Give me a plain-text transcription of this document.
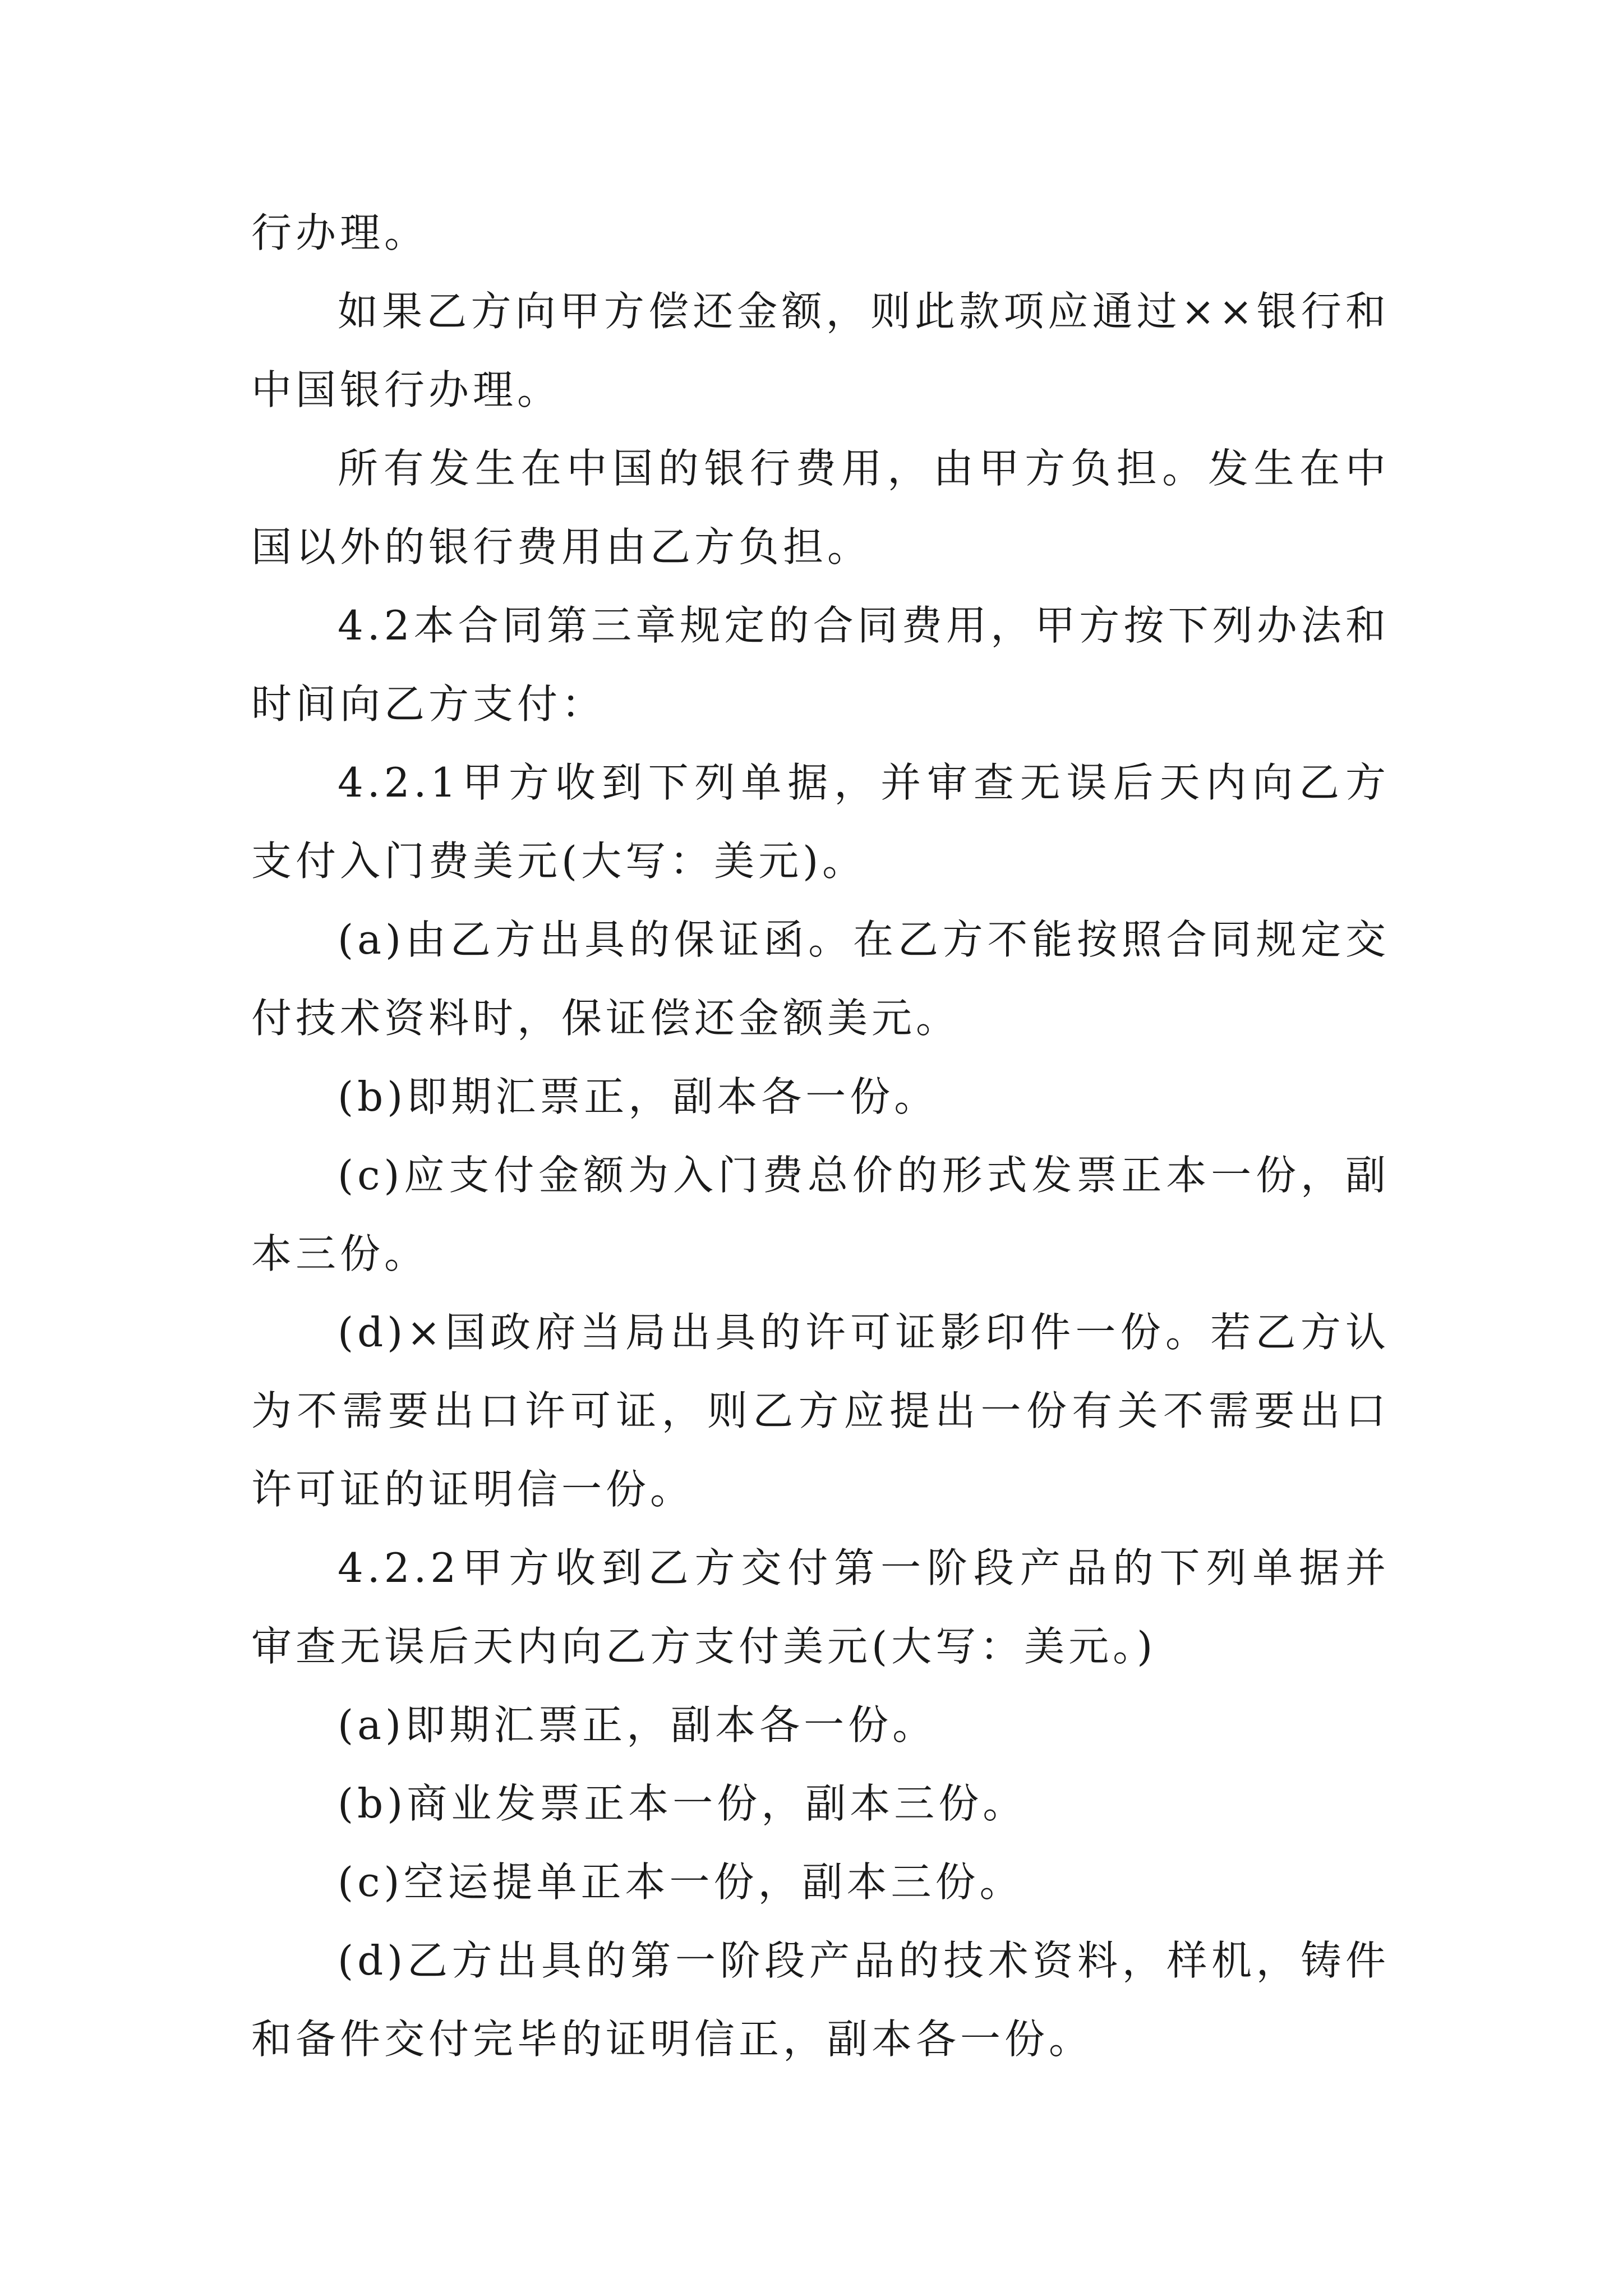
行办理。

如果乙方向甲方偿还金额，则此款项应通过××银行和中国银行办理。

所有发生在中国的银行费用，由甲方负担。发生在中国以外的银行费用由乙方负担。

4.2本合同第三章规定的合同费用，甲方按下列办法和时间向乙方支付：

4.2.1甲方收到下列单据，并审查无误后天内向乙方支付入门费美元(大写：美元)。

(a)由乙方出具的保证函。在乙方不能按照合同规定交付技术资料时，保证偿还金额美元。

(b)即期汇票正，副本各一份。

(c)应支付金额为入门费总价的形式发票正本一份，副本三份。

(d)×国政府当局出具的许可证影印件一份。若乙方认为不需要出口许可证，则乙方应提出一份有关不需要出口许可证的证明信一份。

4.2.2甲方收到乙方交付第一阶段产品的下列单据并审查无误后天内向乙方支付美元(大写：美元。)

(a)即期汇票正，副本各一份。

(b)商业发票正本一份，副本三份。

(c)空运提单正本一份，副本三份。

(d)乙方出具的第一阶段产品的技术资料，样机，铸件和备件交付完毕的证明信正，副本各一份。
